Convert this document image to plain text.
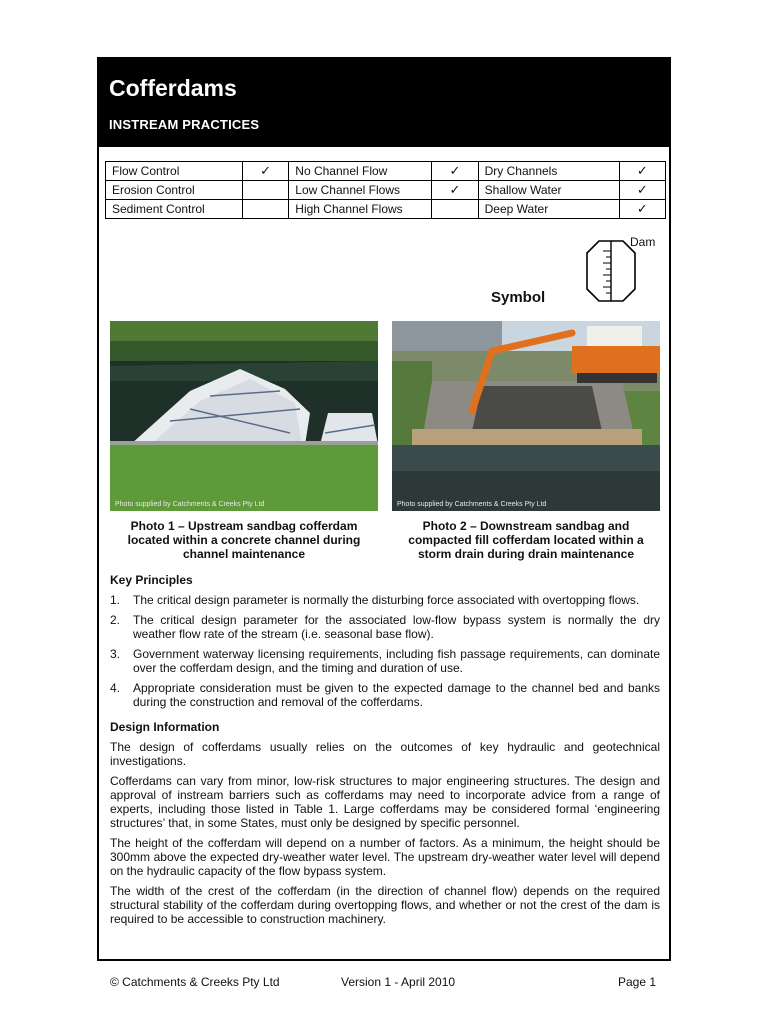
Cofferdams
INSTREAM PRACTICES
Flow Control	✓	No Channel Flow	✓	Dry Channels	✓
Erosion Control		Low Channel Flows	✓	Shallow Water	✓
Sediment Control		High Channel Flows		Deep Water	✓
Dam
Symbol
Photo supplied by Catchments & Creeks Pty Ltd	Photo supplied by Catchments & Creeks Pty Ltd
Photo 1 – Upstream sandbag cofferdam located within a concrete channel during channel maintenance
Photo 2 – Downstream sandbag and compacted fill cofferdam located within a storm drain during drain maintenance
Key Principles
1. The critical design parameter is normally the disturbing force associated with overtopping flows.
2. The critical design parameter for the associated low-flow bypass system is normally the dry weather flow rate of the stream (i.e. seasonal base flow).
3. Government waterway licensing requirements, including fish passage requirements, can dominate over the cofferdam design, and the timing and duration of use.
4. Appropriate consideration must be given to the expected damage to the channel bed and banks during the construction and removal of the cofferdams.
Design Information

The design of cofferdams usually relies on the outcomes of key hydraulic and geotechnical investigations.

Cofferdams can vary from minor, low-risk structures to major engineering structures. The design and approval of instream barriers such as cofferdams may need to incorporate advice from a range of experts, including those listed in Table 1. Large cofferdams may be considered formal ‘engineering structures’ that, in some States, must only be designed by specific personnel.

The height of the cofferdam will depend on a number of factors. As a minimum, the height should be 300mm above the expected dry-weather water level. The upstream dry-weather water level will depend on the hydraulic capacity of the flow bypass system.

The width of the crest of the cofferdam (in the direction of channel flow) depends on the required structural stability of the cofferdam during overtopping flows, and whether or not the crest of the dam is required to be accessible to construction machinery.

© Catchments & Creeks Pty Ltd	Version 1 - April 2010	Page 1
